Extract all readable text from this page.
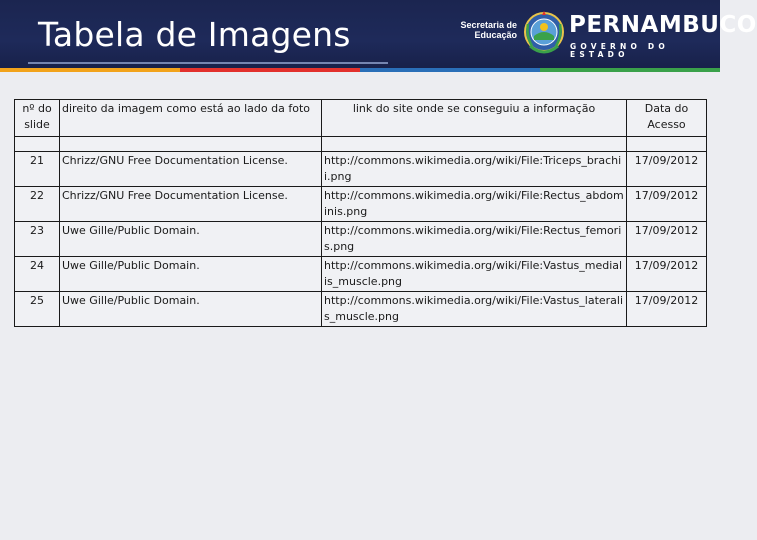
Tabela de Imagens	Secretaria de
Educação PERNAMBUCO
GOVERNO DO ESTADO
nº do slide	direito da imagem como está ao lado da foto	link do site onde se conseguiu a informação	Data do Acesso

21	Chrizz/GNU Free Documentation License.	http://commons.wikimedia.org/wiki/File:Triceps_brachii.png	17/09/2012
22	Chrizz/GNU Free Documentation License.	http://commons.wikimedia.org/wiki/File:Rectus_abdominis.png	17/09/2012
23	Uwe Gille/Public Domain.	http://commons.wikimedia.org/wiki/File:Rectus_femoris.png	17/09/2012
24	Uwe Gille/Public Domain.	http://commons.wikimedia.org/wiki/File:Vastus_medialis_muscle.png	17/09/2012
25	Uwe Gille/Public Domain.	http://commons.wikimedia.org/wiki/File:Vastus_lateralis_muscle.png	17/09/2012
